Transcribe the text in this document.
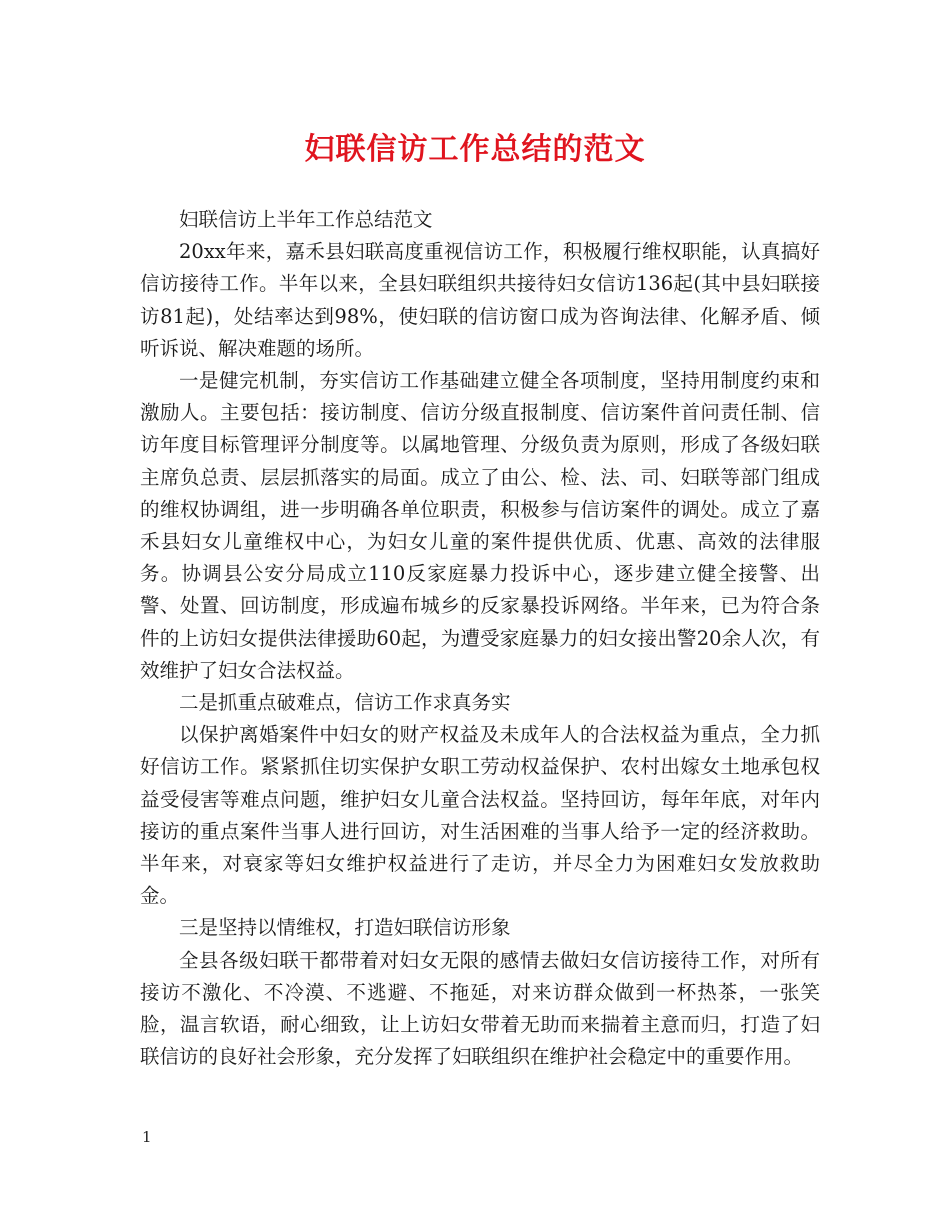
妇联信访工作总结的范文

妇联信访上半年工作总结范文

20xx年来，嘉禾县妇联高度重视信访工作，积极履行维权职能，认真搞好信访接待工作。半年以来，全县妇联组织共接待妇女信访136起(其中县妇联接访81起)，处结率达到98%，使妇联的信访窗口成为咨询法律、化解矛盾、倾听诉说、解决难题的场所。

一是健完机制，夯实信访工作基础建立健全各项制度，坚持用制度约束和激励人。主要包括：接访制度、信访分级直报制度、信访案件首问责任制、信访年度目标管理评分制度等。以属地管理、分级负责为原则，形成了各级妇联主席负总责、层层抓落实的局面。成立了由公、检、法、司、妇联等部门组成的维权协调组，进一步明确各单位职责，积极参与信访案件的调处。成立了嘉禾县妇女儿童维权中心，为妇女儿童的案件提供优质、优惠、高效的法律服务。协调县公安分局成立110反家庭暴力投诉中心，逐步建立健全接警、出警、处置、回访制度，形成遍布城乡的反家暴投诉网络。半年来，已为符合条件的上访妇女提供法律援助60起，为遭受家庭暴力的妇女接出警20余人次，有效维护了妇女合法权益。

二是抓重点破难点，信访工作求真务实

以保护离婚案件中妇女的财产权益及未成年人的合法权益为重点，全力抓好信访工作。紧紧抓住切实保护女职工劳动权益保护、农村出嫁女土地承包权益受侵害等难点问题，维护妇女儿童合法权益。坚持回访，每年年底，对年内接访的重点案件当事人进行回访，对生活困难的当事人给予一定的经济救助。半年来，对衰家等妇女维护权益进行了走访，并尽全力为困难妇女发放救助金。

三是坚持以情维权，打造妇联信访形象

全县各级妇联干都带着对妇女无限的感情去做妇女信访接待工作，对所有接访不激化、不冷漠、不逃避、不拖延，对来访群众做到一杯热茶，一张笑脸，温言软语，耐心细致，让上访妇女带着无助而来揣着主意而归，打造了妇联信访的良好社会形象，充分发挥了妇联组织在维护社会稳定中的重要作用。

1
